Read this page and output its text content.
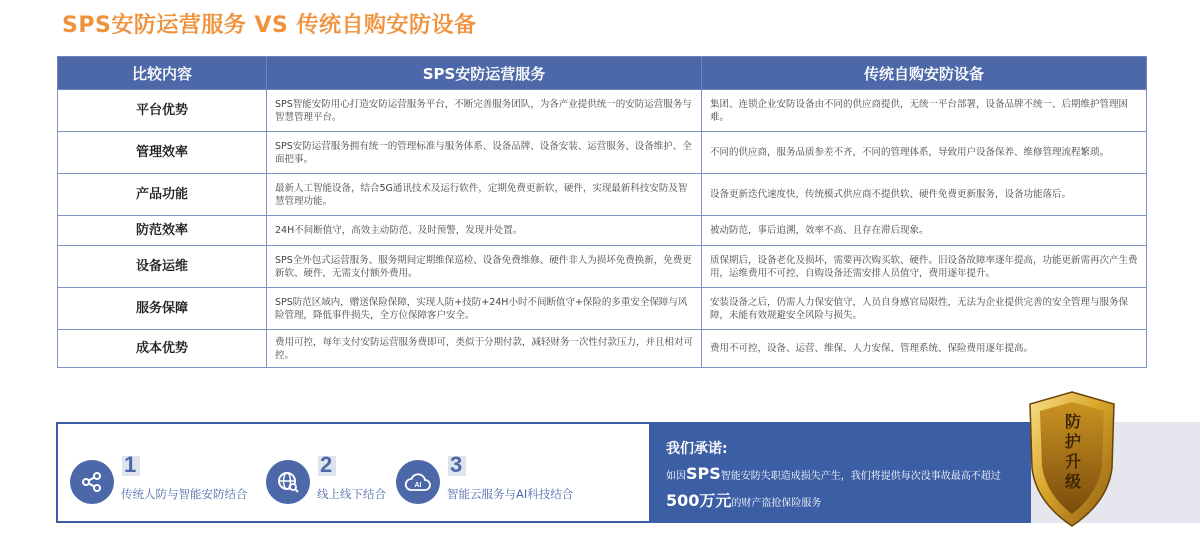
SPS安防运营服务 VS 传统自购安防设备
比较内容	SPS安防运营服务	传统自购安防设备
平台优势	SPS智能安防用心打造安防运营服务平台，不断完善服务团队，为各产业提供统一的安防运营服务与智慧管理平台。	集团、连锁企业安防设备由不同的供应商提供，无统一平台部署，设备品牌不统一、后期维护管理困难。
管理效率	SPS安防运营服务拥有统一的管理标准与服务体系、设备品牌、设备安装、运营服务、设备维护、全面把事。	不同的供应商，服务品质参差不齐，不同的管理体系，导致用户设备保养、维修管理流程繁琐。
产品功能	最新人工智能设备，结合5G通讯技术及运行软件，定期免费更新软，硬件，实现最新科技安防及智慧管理功能。	设备更新迭代速度快，传统模式供应商不提供软、硬件免费更新服务，设备功能落后。
防范效率	24H不间断值守，高效主动防范、及时预警，发现并处置。	被动防范，事后追溯，效率不高、且存在滞后现象。
设备运维	SPS全外包式运营服务、服务期间定期维保巡检、设备免费维修、硬件非人为损坏免费换新，免费更新软、硬件，无需支付额外费用。	质保期后，设备老化及损坏，需要再次购买软、硬件。旧设备故障率逐年提高，功能更新需再次产生费用，运维费用不可控，自购设备还需安排人员值守，费用逐年提升。
服务保障	SPS防范区域内，赠送保险保障，实现人防+技防+24H小时不间断值守+保险的多重安全保障与风险管理，降低事件损失，全方位保障客户安全。	安装设备之后，仍需人力保安值守，人员自身感官局限性，无法为企业提供完善的安全管理与服务保障，未能有效规避安全风险与损失。
成本优势	费用可控，每年支付安防运营服务费即可，类似于分期付款，减轻财务一次性付款压力，并且相对可控。	费用不可控，设备、运营、维保、人力安保、管理系统、保险费用逐年提高。
1
传统人防与智能安防结合
2
线上线下结合
AI
3
智能云服务与AI科技结合
我们承诺:
如因SPS智能安防失职造成损失产生，我们将提供每次没事故最高不超过
500万元的财产盗抢保险服务
防护升级
